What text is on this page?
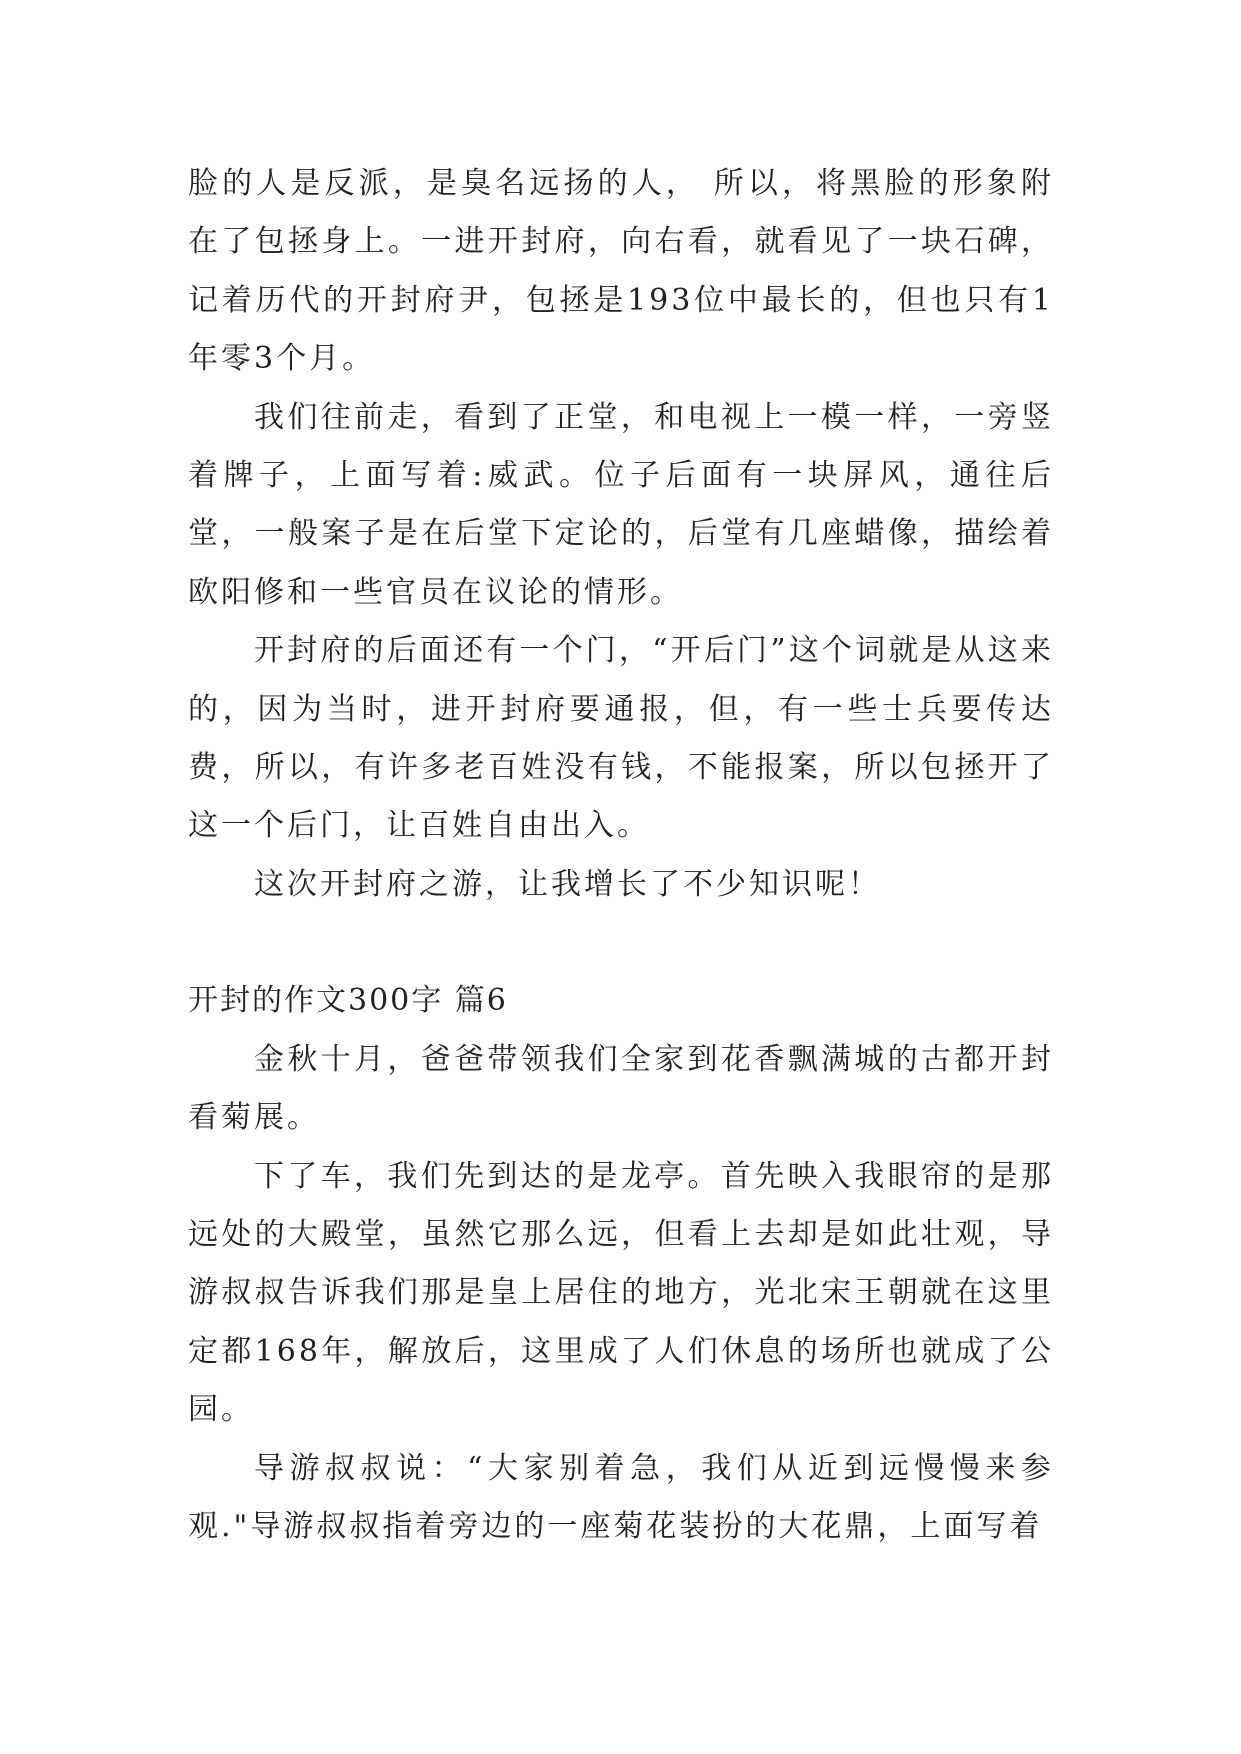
脸的人是反派，是臭名远扬的人， 所以，将黑脸的形象附在了包拯身上。一进开封府，向右看，就看见了一块石碑，记着历代的开封府尹，包拯是193位中最长的，但也只有1年零3个月。

我们往前走，看到了正堂，和电视上一模一样，一旁竖着牌子，上面写着:威武。位子后面有一块屏风，通往后堂，一般案子是在后堂下定论的，后堂有几座蜡像，描绘着欧阳修和一些官员在议论的情形。

开封府的后面还有一个门，“开后门”这个词就是从这来的，因为当时，进开封府要通报，但，有一些士兵要传达费，所以，有许多老百姓没有钱，不能报案，所以包拯开了这一个后门，让百姓自由出入。

这次开封府之游，让我增长了不少知识呢！

开封的作文300字 篇6

金秋十月，爸爸带领我们全家到花香飘满城的古都开封看菊展。

下了车，我们先到达的是龙亭。首先映入我眼帘的是那远处的大殿堂，虽然它那么远，但看上去却是如此壮观，导游叔叔告诉我们那是皇上居住的地方，光北宋王朝就在这里定都168年，解放后，这里成了人们休息的场所也就成了公园。

导游叔叔说：“大家别着急，我们从近到远慢慢来参观."导游叔叔指着旁边的一座菊花装扮的大花鼎，上面写着
